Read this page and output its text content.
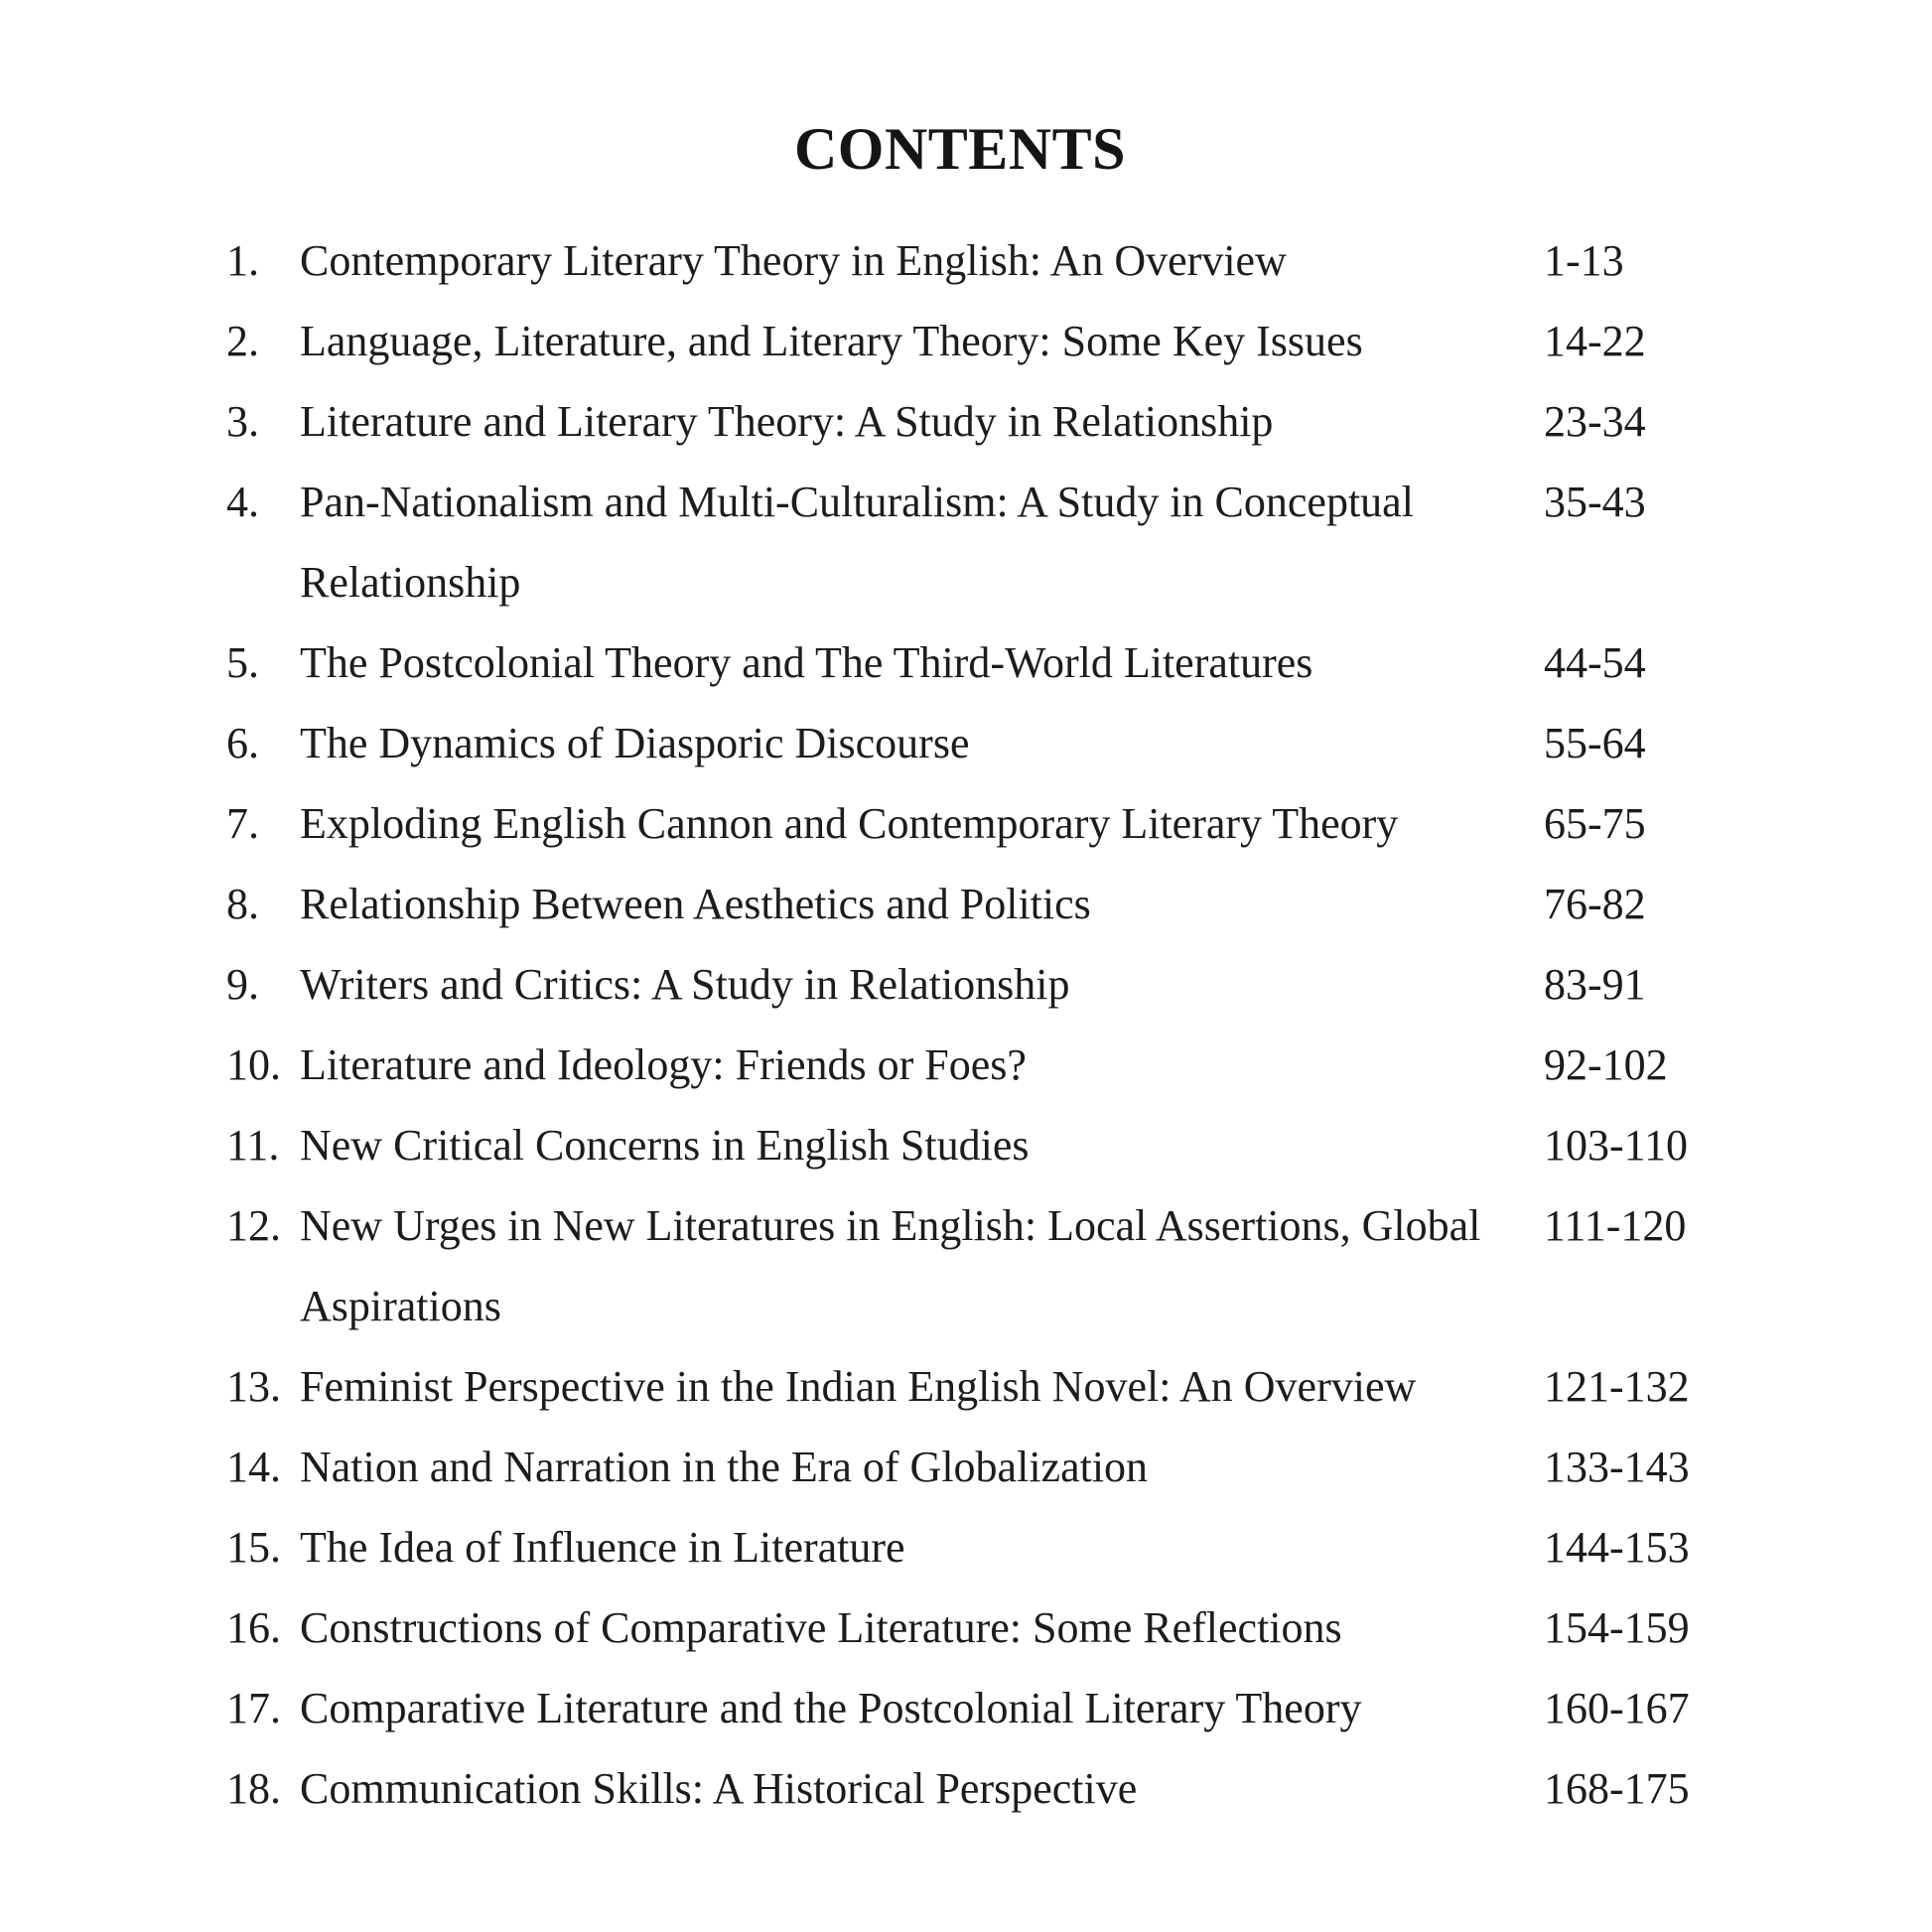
CONTENTS
1. Contemporary Literary Theory in English: An Overview	1-13
2. Language, Literature, and Literary Theory: Some Key Issues	14-22
3. Literature and Literary Theory: A Study in Relationship	23-34
4. Pan-Nationalism and Multi-Culturalism: A Study in Conceptual	35-43
Relationship
5. The Postcolonial Theory and The Third-World Literatures	44-54
6. The Dynamics of Diasporic Discourse	55-64
7. Exploding English Cannon and Contemporary Literary Theory	65-75
8. Relationship Between Aesthetics and Politics	76-82
9. Writers and Critics: A Study in Relationship	83-91
10. Literature and Ideology: Friends or Foes?	92-102
11. New Critical Concerns in English Studies	103-110
12. New Urges in New Literatures in English: Local Assertions, Global 111-120
Aspirations
13. Feminist Perspective in the Indian English Novel: An Overview	121-132
14. Nation and Narration in the Era of Globalization	133-143
15. The Idea of Influence in Literature	144-153
16. Constructions of Comparative Literature: Some Reflections	154-159
17. Comparative Literature and the Postcolonial Literary Theory	160-167
18. Communication Skills: A Historical Perspective	168-175
